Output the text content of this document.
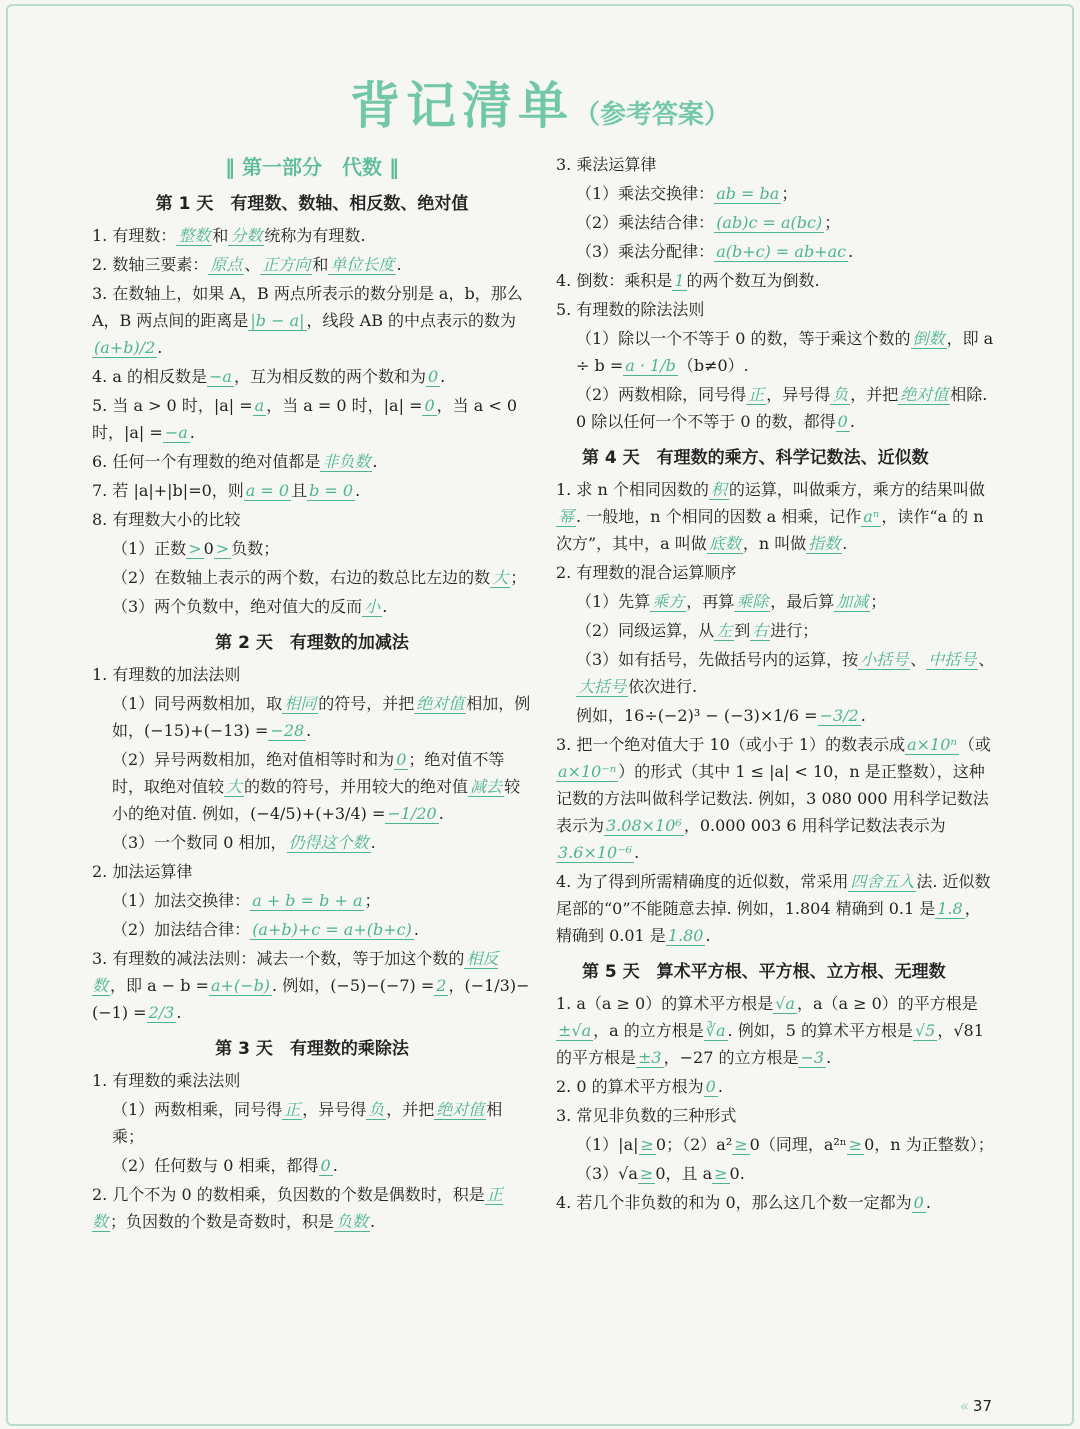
背记清单（参考答案）
‖ 第一部分　代数 ‖
第 1 天　有理数、数轴、相反数、绝对值
1. 有理数： 整数 和 分数 统称为有理数.
2. 数轴三要素： 原点 、 正方向 和 单位长度 .
3. 在数轴上，如果 A，B 两点所表示的数分别是 a，b，那么 A，B 两点间的距离是 |b − a| ，线段 AB 的中点表示的数为(a+b)/2 .
4. a 的相反数是 −a ，互为相反数的两个数和为 0 .
5. 当 a > 0 时，|a| = a ，当 a = 0 时，|a| = 0 ，当 a < 0 时，|a| = −a .
6. 任何一个有理数的绝对值都是 非负数 .
7. 若 |a|+|b|=0，则 a = 0 且 b = 0 .
8. 有理数大小的比较
（1）正数 > 0 > 负数；
（2）在数轴上表示的两个数，右边的数总比左边的数 大 ；
（3）两个负数中，绝对值大的反而 小 .
第 2 天　有理数的加减法
1. 有理数的加法法则
（1）同号两数相加，取 相同 的符号，并把 绝对值 相加，例如，(−15)+(−13) = −28 .
（2）异号两数相加，绝对值相等时和为 0 ；绝对值不等时，取绝对值较 大 的数的符号，并用较大的绝对值 减去 较小的绝对值. 例如，(−4/5)+(+3/4) = −1/20 .
（3）一个数同 0 相加， 仍得这个数 .
2. 加法运算律
（1）加法交换律： a + b = b + a ；
（2）加法结合律： (a+b)+c = a+(b+c) .
3. 有理数的减法法则：减去一个数，等于加这个数的 相反数 ，即 a − b = a+(−b) . 例如，(−5)−(−7) = 2 ，(−1/3)−(−1) = 2/3 .
第 3 天　有理数的乘除法
1. 有理数的乘法法则
（1）两数相乘，同号得 正 ，异号得 负 ，并把 绝对值 相乘；
（2）任何数与 0 相乘，都得 0 .
2. 几个不为 0 的数相乘，负因数的个数是偶数时，积是 正数 ；负因数的个数是奇数时，积是 负数 .
3. 乘法运算律
（1）乘法交换律： ab = ba ；
（2）乘法结合律： (ab)c = a(bc) ；
（3）乘法分配律： a(b+c) = ab+ac .
4. 倒数：乘积是 1 的两个数互为倒数.
5. 有理数的除法法则
（1）除以一个不等于 0 的数，等于乘这个数的 倒数 ，即 a ÷ b = a · 1/b （b≠0）.
（2）两数相除，同号得 正 ，异号得 负 ，并把 绝对值 相除. 0 除以任何一个不等于 0 的数，都得 0 .
第 4 天　有理数的乘方、科学记数法、近似数
1. 求 n 个相同因数的 积 的运算，叫做乘方，乘方的结果叫做幂 . 一般地，n 个相同的因数 a 相乘，记作 aⁿ ，读作“a 的 n 次方”，其中，a 叫做 底数 ，n 叫做 指数 .
2. 有理数的混合运算顺序
（1）先算 乘方 ，再算 乘除 ，最后算 加减 ；
（2）同级运算，从 左 到 右 进行；
（3）如有括号，先做括号内的运算，按 小括号 、 中括号 、大括号 依次进行.
例如，16÷(−2)³ − (−3)×1/6 = −3/2 .
3. 把一个绝对值大于 10（或小于 1）的数表示成 a×10ⁿ （或a×10⁻ⁿ ）的形式（其中 1 ≤ |a| < 10，n 是正整数），这种记数的方法叫做科学记数法. 例如，3 080 000 用科学记数法表示为 3.08×10⁶ ，0.000 003 6 用科学记数法表示为3.6×10⁻⁶ .
4. 为了得到所需精确度的近似数，常采用 四舍五入 法. 近似数尾部的“0”不能随意去掉. 例如，1.804 精确到 0.1 是 1.8 ，精确到 0.01 是 1.80 .
第 5 天　算术平方根、平方根、立方根、无理数
1. a（a ≥ 0）的算术平方根是 √a ，a（a ≥ 0）的平方根是±√a ，a 的立方根是 ∛a . 例如，5 的算术平方根是 √5 ，√81 的平方根是 ±3 ，−27 的立方根是 −3 .
2. 0 的算术平方根为 0 .
3. 常见非负数的三种形式
（1）|a| ≥ 0；（2）a² ≥ 0（同理，a²ⁿ ≥ 0，n 为正整数）；
（3）√a ≥ 0，且 a ≥ 0.
4. 若几个非负数的和为 0，那么这几个数一定都为 0 .
« 37
